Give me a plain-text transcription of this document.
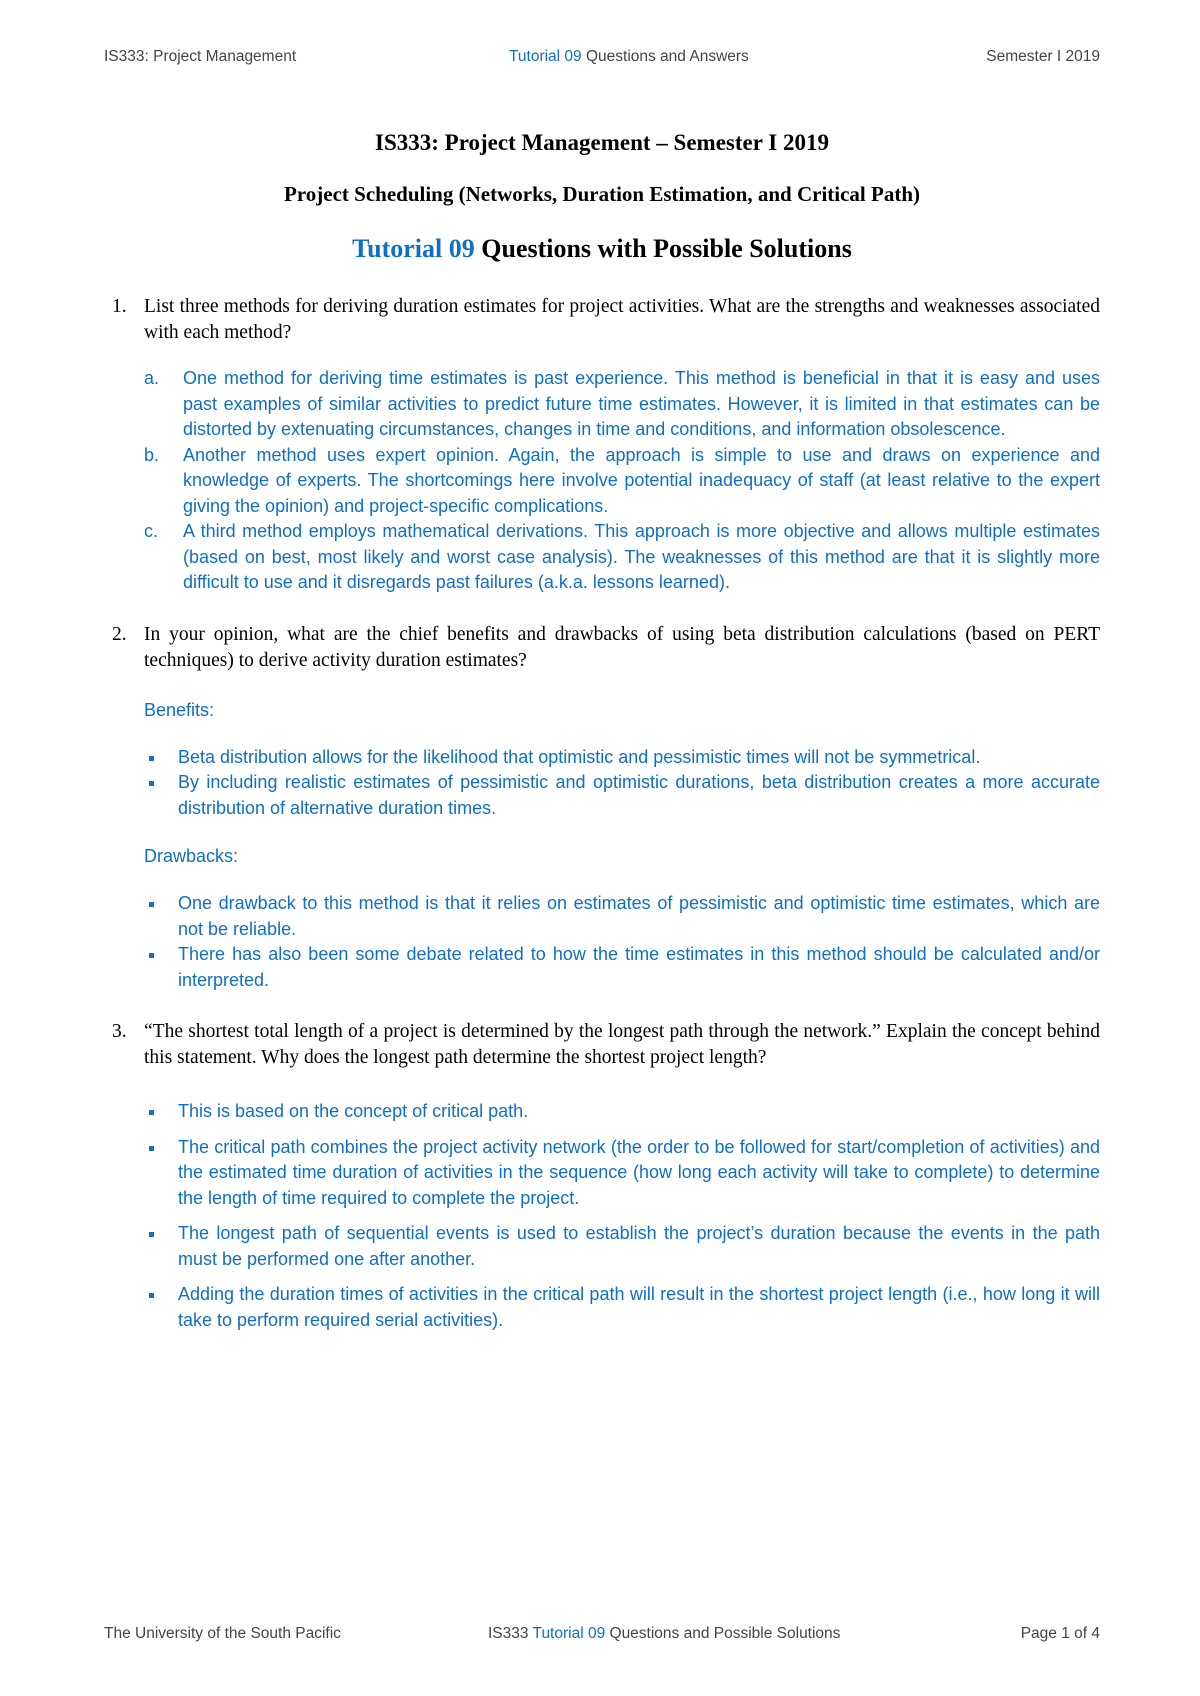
IS333: Project Management	Tutorial 09 Questions and Answers	Semester I 2019
IS333: Project Management – Semester I 2019
Project Scheduling (Networks, Duration Estimation, and Critical Path)
Tutorial 09 Questions with Possible Solutions
1. List three methods for deriving duration estimates for project activities. What are the strengths and weaknesses associated with each method?
a. One method for deriving time estimates is past experience. This method is beneficial in that it is easy and uses past examples of similar activities to predict future time estimates. However, it is limited in that estimates can be distorted by extenuating circumstances, changes in time and conditions, and information obsolescence.
b. Another method uses expert opinion. Again, the approach is simple to use and draws on experience and knowledge of experts. The shortcomings here involve potential inadequacy of staff (at least relative to the expert giving the opinion) and project-specific complications.
c. A third method employs mathematical derivations. This approach is more objective and allows multiple estimates (based on best, most likely and worst case analysis). The weaknesses of this method are that it is slightly more difficult to use and it disregards past failures (a.k.a. lessons learned).
2. In your opinion, what are the chief benefits and drawbacks of using beta distribution calculations (based on PERT techniques) to derive activity duration estimates?
Benefits:
Beta distribution allows for the likelihood that optimistic and pessimistic times will not be symmetrical.
By including realistic estimates of pessimistic and optimistic durations, beta distribution creates a more accurate distribution of alternative duration times.
Drawbacks:
One drawback to this method is that it relies on estimates of pessimistic and optimistic time estimates, which are not be reliable.
There has also been some debate related to how the time estimates in this method should be calculated and/or interpreted.
3. “The shortest total length of a project is determined by the longest path through the network.” Explain the concept behind this statement. Why does the longest path determine the shortest project length?
This is based on the concept of critical path.
The critical path combines the project activity network (the order to be followed for start/completion of activities) and the estimated time duration of activities in the sequence (how long each activity will take to complete) to determine the length of time required to complete the project.
The longest path of sequential events is used to establish the project’s duration because the events in the path must be performed one after another.
Adding the duration times of activities in the critical path will result in the shortest project length (i.e., how long it will take to perform required serial activities).
The University of the South Pacific	IS333 Tutorial 09 Questions and Possible Solutions	Page 1 of 4
